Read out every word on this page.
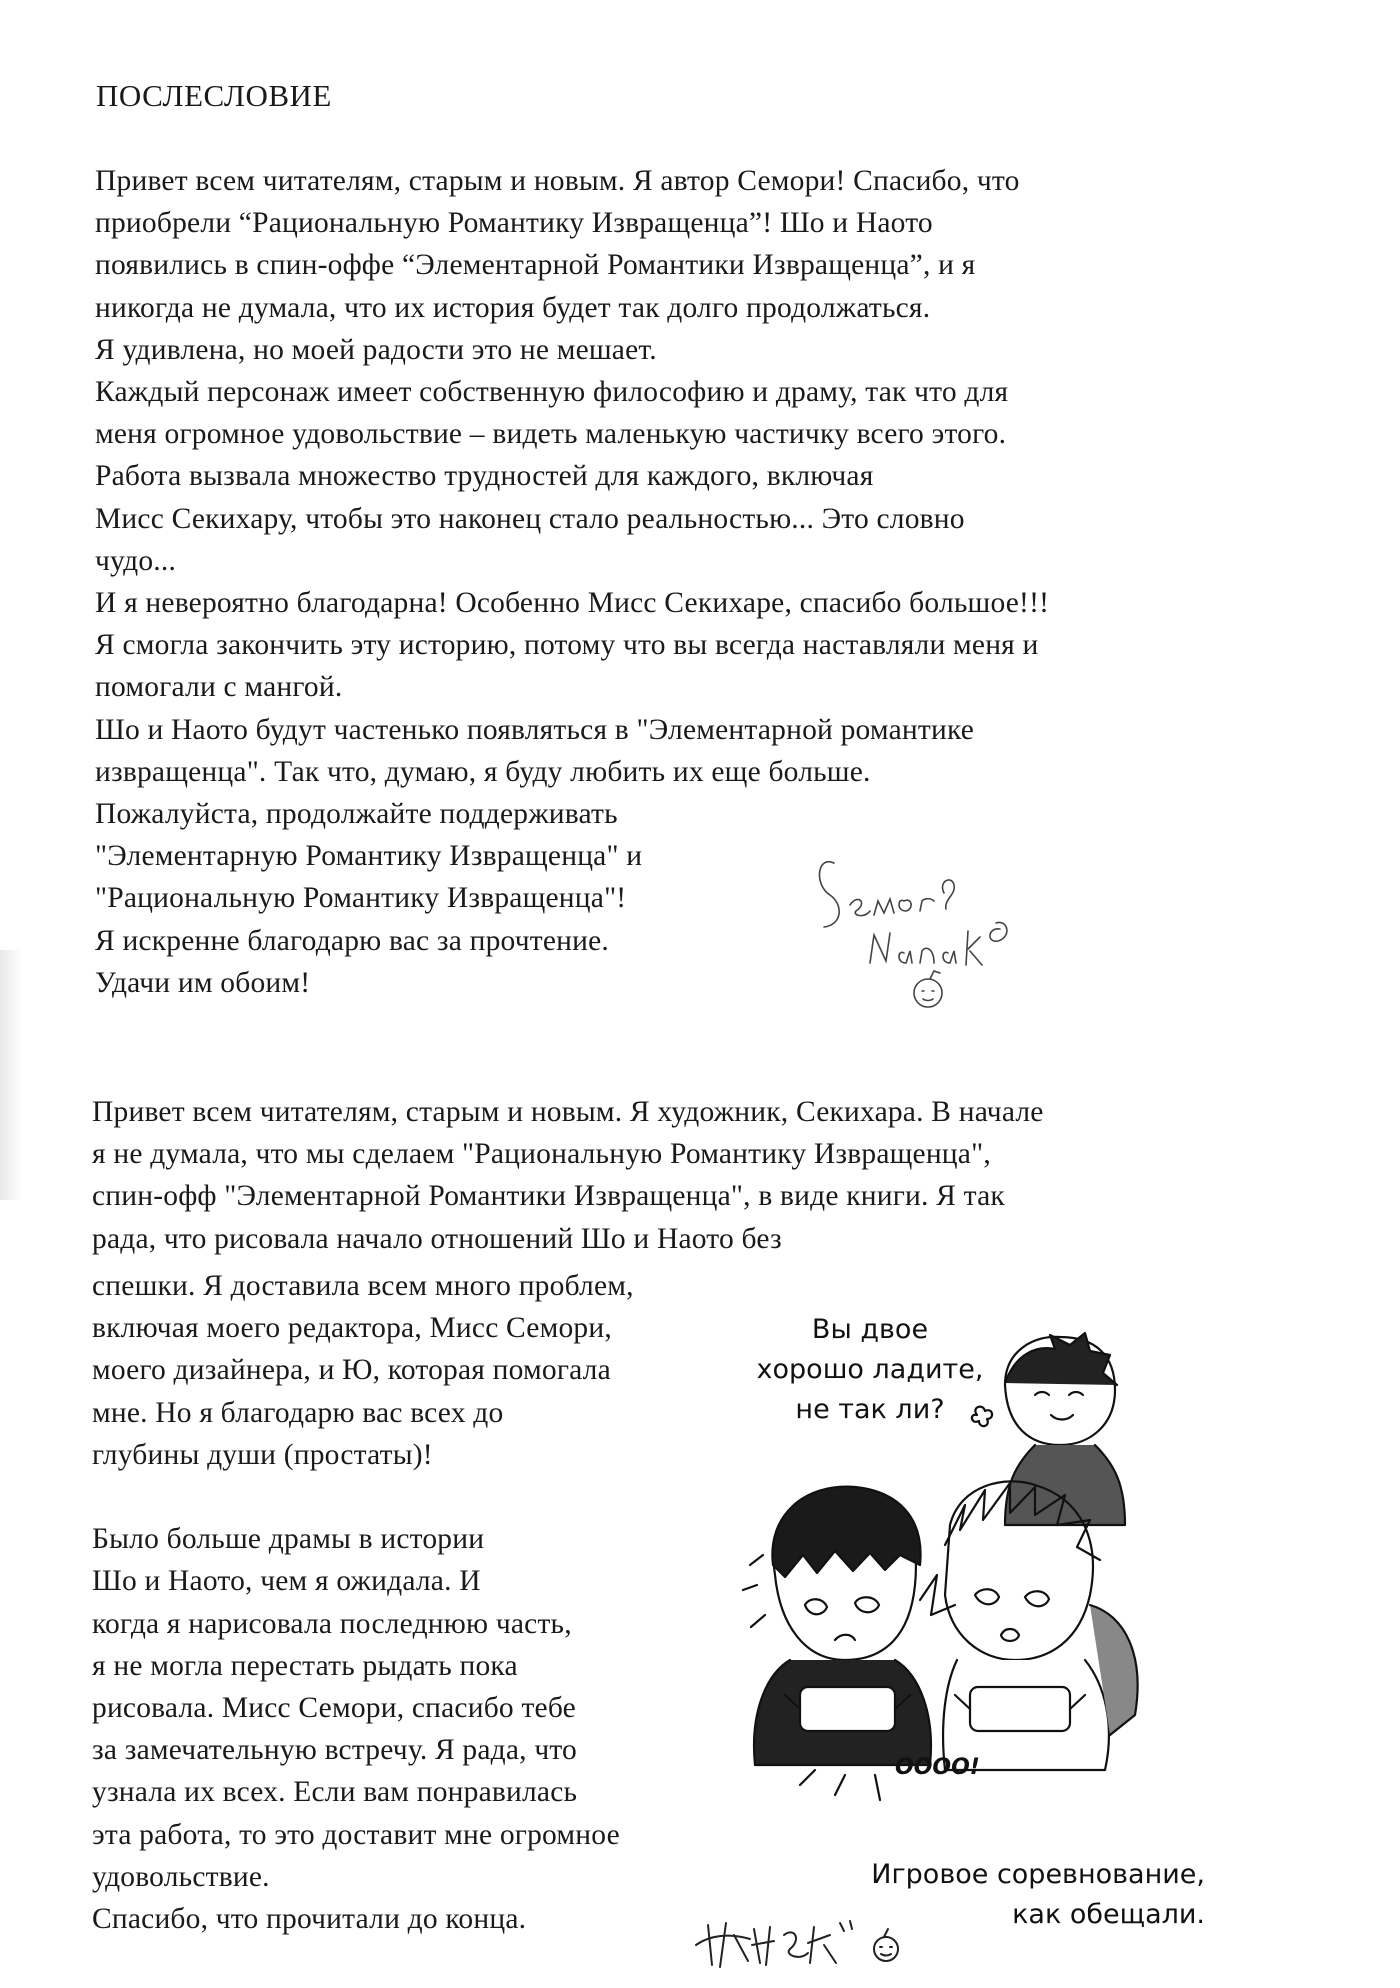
ПОСЛЕСЛОВИЕ
Привет всем читателям, старым и новым. Я автор Семори! Спасибо, что
приобрели “Рациональную Романтику Извращенца”! Шо и Наото
появились в спин-оффе “Элементарной Романтики Извращенца”, и я
никогда не думала, что их история будет так долго продолжаться.
Я удивлена, но моей радости это не мешает.
Каждый персонаж имеет собственную философию и драму, так что для
меня огромное удовольствие – видеть маленькую частичку всего этого.
Работа вызвала множество трудностей для каждого, включая
Мисс Секихару, чтобы это наконец стало реальностью... Это словно
чудо...
И я невероятно благодарна! Особенно Мисс Секихаре, спасибо большое!!!
Я смогла закончить эту историю, потому что вы всегда наставляли меня и
помогали с мангой.
Шо и Наото будут частенько появляться в "Элементарной романтике
извращенца". Так что, думаю, я буду любить их еще больше.
Пожалуйста, продолжайте поддерживать
"Элементарную Романтику Извращенца" и
"Рациональную Романтику Извращенца"!
Я искренне благодарю вас за прочтение.
Удачи им обоим!
Привет всем читателям, старым и новым. Я художник, Секихара. В начале
я не думала, что мы сделаем "Рациональную Романтику Извращенца",
спин-офф "Элементарной Романтики Извращенца", в виде книги. Я так
рада, что рисовала начало отношений Шо и Наото без
спешки. Я доставила всем много проблем,
включая моего редактора, Мисс Семори,
моего дизайнера, и Ю, которая помогала
мне. Но я благодарю вас всех до
глубины души (простаты)!
Было больше драмы в истории
Шо и Наото, чем я ожидала. И
когда я нарисовала последнюю часть,
я не могла перестать рыдать пока
рисовала. Мисс Семори, спасибо тебе
за замечательную встречу. Я рада, что
узнала их всех. Если вам понравилась
эта работа, то это доставит мне огромное
удовольствие.
Спасибо, что прочитали до конца.
Вы двое
хорошо ладите,
не так ли?
OOOO!
Игровое соревнование,
как обещали.
